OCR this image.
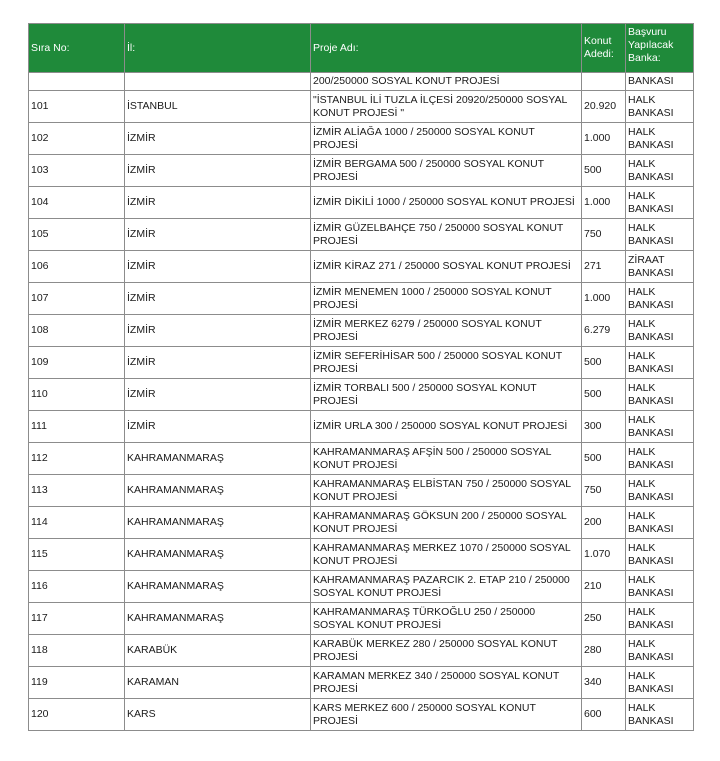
Sıra No:	İl:	Proje Adı:	Konut Adedi:	Başvuru Yapılacak Banka:
		200/250000 SOSYAL KONUT PROJESİ		BANKASI
101	İSTANBUL	"İSTANBUL İLİ TUZLA İLÇESİ 20920/250000 SOSYAL KONUT PROJESİ "	20.920	HALK BANKASI
102	İZMİR	İZMİR ALİAĞA 1000 / 250000 SOSYAL KONUT PROJESİ	1.000	HALK BANKASI
103	İZMİR	İZMİR BERGAMA 500 / 250000 SOSYAL KONUT PROJESİ	500	HALK BANKASI
104	İZMİR	İZMİR DİKİLİ 1000 / 250000 SOSYAL KONUT PROJESİ	1.000	HALK BANKASI
105	İZMİR	İZMİR GÜZELBAHÇE 750 / 250000 SOSYAL KONUT PROJESİ	750	HALK BANKASI
106	İZMİR	İZMİR KİRAZ 271 / 250000 SOSYAL KONUT PROJESİ	271	ZİRAAT BANKASI
107	İZMİR	İZMİR MENEMEN 1000 / 250000 SOSYAL KONUT PROJESİ	1.000	HALK BANKASI
108	İZMİR	İZMİR MERKEZ 6279 / 250000 SOSYAL KONUT PROJESİ	6.279	HALK BANKASI
109	İZMİR	İZMİR SEFERİHİSAR 500 / 250000 SOSYAL KONUT PROJESİ	500	HALK BANKASI
110	İZMİR	İZMİR TORBALI 500 / 250000 SOSYAL KONUT PROJESİ	500	HALK BANKASI
111	İZMİR	İZMİR URLA 300 / 250000 SOSYAL KONUT PROJESİ	300	HALK BANKASI
112	KAHRAMANMARAŞ	KAHRAMANMARAŞ AFŞİN 500 / 250000 SOSYAL KONUT PROJESİ	500	HALK BANKASI
113	KAHRAMANMARAŞ	KAHRAMANMARAŞ ELBİSTAN 750 / 250000 SOSYAL KONUT PROJESİ	750	HALK BANKASI
114	KAHRAMANMARAŞ	KAHRAMANMARAŞ GÖKSUN 200 / 250000 SOSYAL KONUT PROJESİ	200	HALK BANKASI
115	KAHRAMANMARAŞ	KAHRAMANMARAŞ MERKEZ 1070 / 250000 SOSYAL KONUT PROJESİ	1.070	HALK BANKASI
116	KAHRAMANMARAŞ	KAHRAMANMARAŞ PAZARCIK 2. ETAP 210 / 250000 SOSYAL KONUT PROJESİ	210	HALK BANKASI
117	KAHRAMANMARAŞ	KAHRAMANMARAŞ TÜRKOĞLU 250 / 250000 SOSYAL KONUT PROJESİ	250	HALK BANKASI
118	KARABÜK	KARABÜK MERKEZ 280 / 250000 SOSYAL KONUT PROJESİ	280	HALK BANKASI
119	KARAMAN	KARAMAN MERKEZ 340 / 250000 SOSYAL KONUT PROJESİ	340	HALK BANKASI
120	KARS	KARS MERKEZ 600 / 250000 SOSYAL KONUT PROJESİ	600	HALK BANKASI
